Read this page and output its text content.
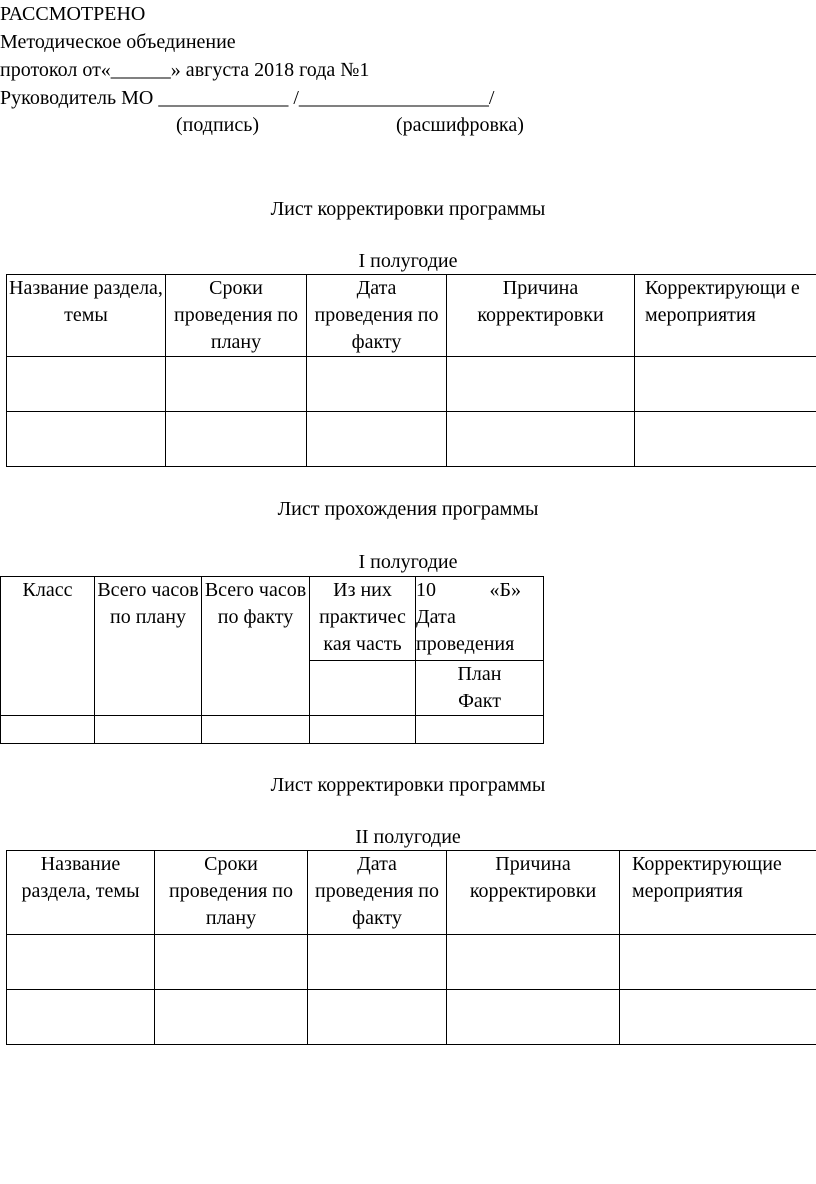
РАССМОТРЕНО
Методическое объединение
протокол от«______» августа 2018 года №1
Руководитель МО _____________ /___________________/
(подпись)	(расшифровка)
Лист корректировки программы
I полугодие
Название раздела, темы	Сроки проведения по плану	Дата проведения по факту	Причина корректировки	Корректирующи е мероприятия

Лист прохождения программы
I полугодие
Класс	Всего часов по плану	Всего часов по факту	Из них практичес кая часть	10 «Б»
Дата проведения

				План
Факт

Лист корректировки программы
II полугодие
Название раздела, темы	Сроки проведения по плану	Дата проведения по факту	Причина корректировки	Корректирующие мероприятия
